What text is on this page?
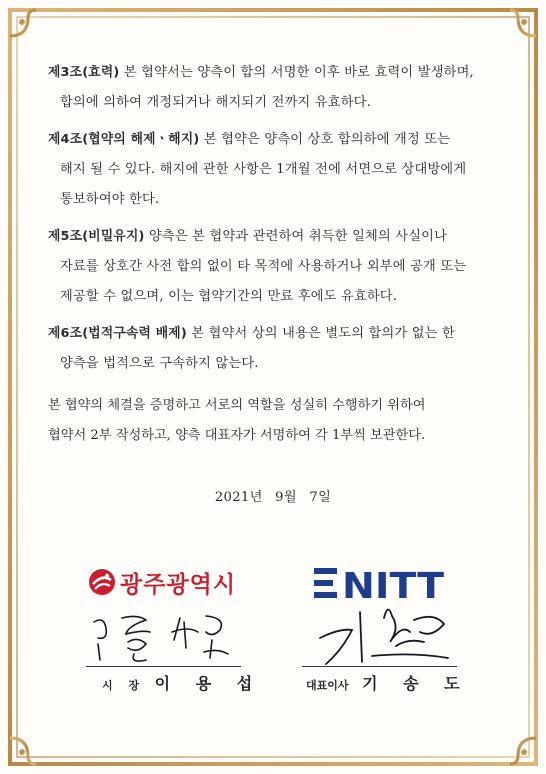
제3조(효력) 본 협약서는 양측이 합의 서명한 이후 바로 효력이 발생하며,
합의에 의하여 개정되거나 해지되기 전까지 유효하다.
제4조(협약의 해제ㆍ해지) 본 협약은 양측이 상호 합의하에 개정 또는
해지 될 수 있다. 해지에 관한 사항은 1개월 전에 서면으로 상대방에게
통보하여야 한다.
제5조(비밀유지) 양측은 본 협약과 관련하여 취득한 일체의 사실이나
자료를 상호간 사전 합의 없이 타 목적에 사용하거나 외부에 공개 또는
제공할 수 없으며, 이는 협약기간의 만료 후에도 유효하다.
제6조(법적구속력 배제) 본 협약서 상의 내용은 별도의 합의가 없는 한
양측을 법적으로 구속하지 않는다.
본 협약의 체결을 증명하고 서로의 역할을 성실히 수행하기 위하여
협약서 2부 작성하고, 양측 대표자가 서명하여 각 1부씩 보관한다.
2021년 9월 7일
광주광역시	NITT
시 장 이 용 섭	대표이사 기 송 도
